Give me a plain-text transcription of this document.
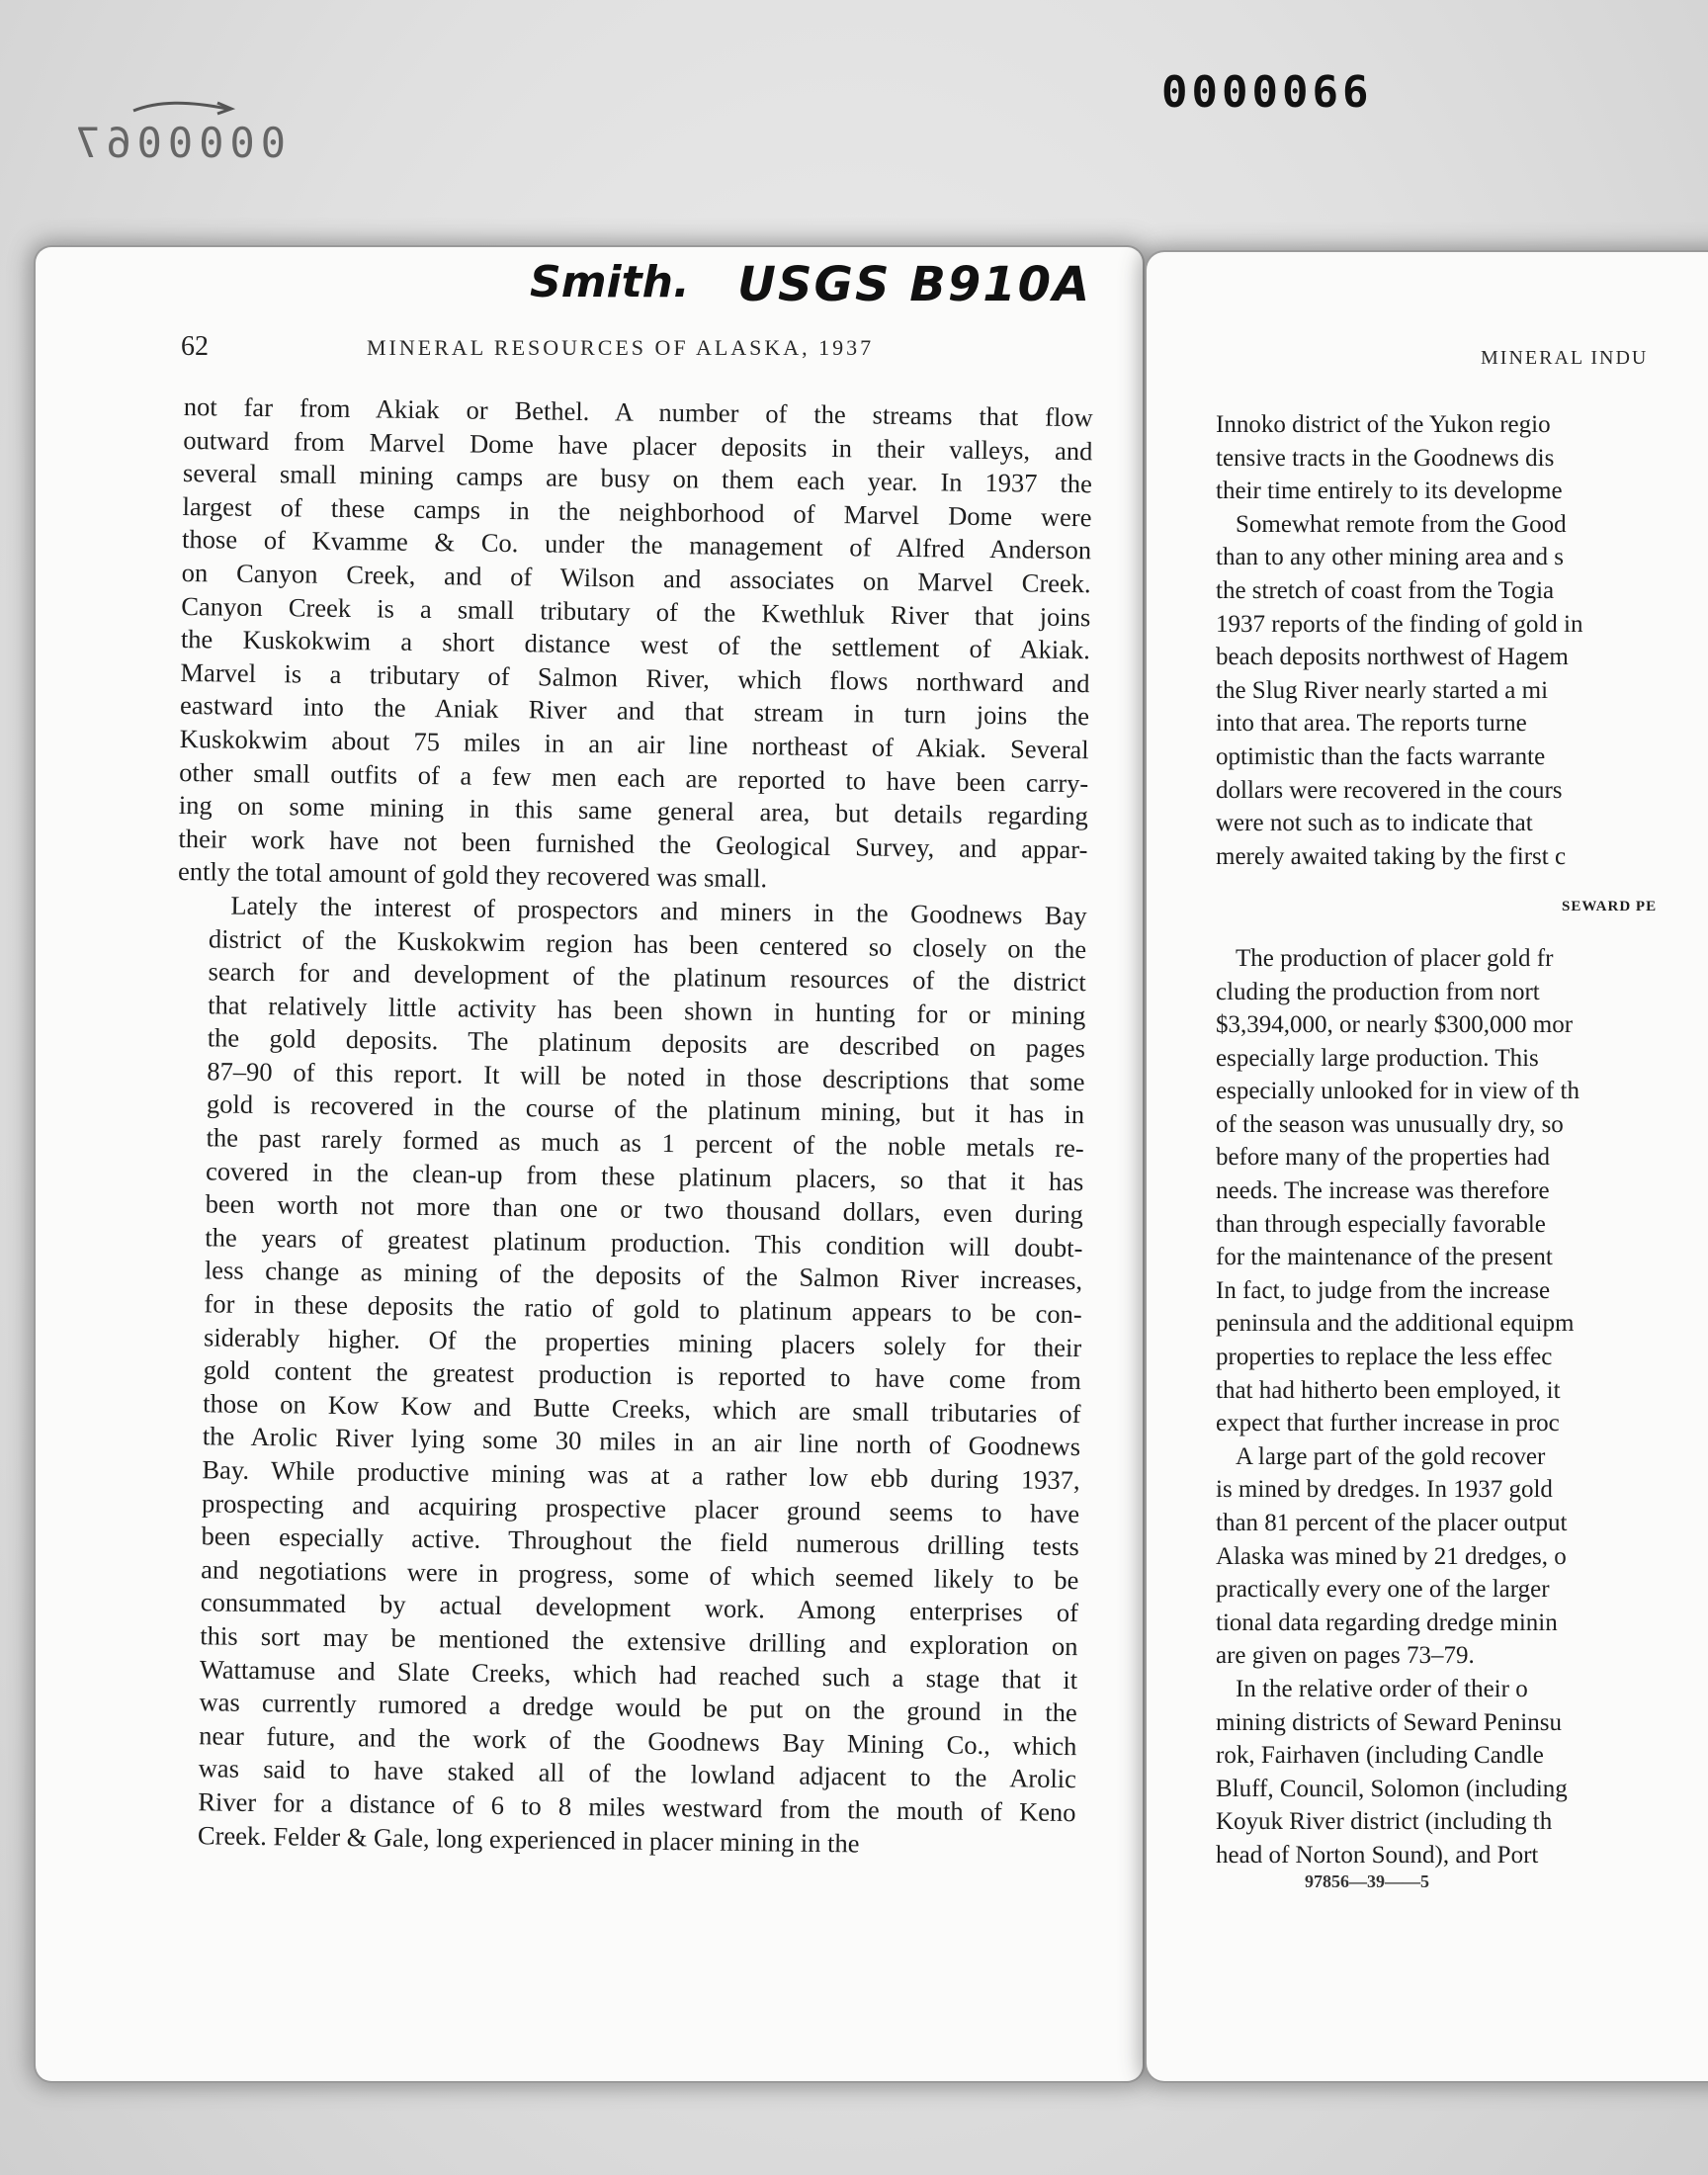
0000066
0000067
Smith. USGS B910A
62	MINERAL RESOURCES OF ALASKA, 1937

not far from Akiak or Bethel. A number of the streams that flow
outward from Marvel Dome have placer deposits in their valleys, and
several small mining camps are busy on them each year. In 1937 the
largest of these camps in the neighborhood of Marvel Dome were
those of Kvamme & Co. under the management of Alfred Anderson
on Canyon Creek, and of Wilson and associates on Marvel Creek.
Canyon Creek is a small tributary of the Kwethluk River that joins
the Kuskokwim a short distance west of the settlement of Akiak.
Marvel is a tributary of Salmon River, which flows northward and
eastward into the Aniak River and that stream in turn joins the
Kuskokwim about 75 miles in an air line northeast of Akiak. Several
other small outfits of a few men each are reported to have been carry-
ing on some mining in this same general area, but details regarding
their work have not been furnished the Geological Survey, and appar-
ently the total amount of gold they recovered was small.

Lately the interest of prospectors and miners in the Goodnews Bay
district of the Kuskokwim region has been centered so closely on the
search for and development of the platinum resources of the district
that relatively little activity has been shown in hunting for or mining
the gold deposits. The platinum deposits are described on pages
87–90 of this report. It will be noted in those descriptions that some
gold is recovered in the course of the platinum mining, but it has in
the past rarely formed as much as 1 percent of the noble metals re-
covered in the clean-up from these platinum placers, so that it has
been worth not more than one or two thousand dollars, even during
the years of greatest platinum production. This condition will doubt-
less change as mining of the deposits of the Salmon River increases,
for in these deposits the ratio of gold to platinum appears to be con-
siderably higher. Of the properties mining placers solely for their
gold content the greatest production is reported to have come from
those on Kow Kow and Butte Creeks, which are small tributaries of
the Arolic River lying some 30 miles in an air line north of Goodnews
Bay. While productive mining was at a rather low ebb during 1937,
prospecting and acquiring prospective placer ground seems to have
been especially active. Throughout the field numerous drilling tests
and negotiations were in progress, some of which seemed likely to be
consummated by actual development work. Among enterprises of
this sort may be mentioned the extensive drilling and exploration on
Wattamuse and Slate Creeks, which had reached such a stage that it
was currently rumored a dredge would be put on the ground in the
near future, and the work of the Goodnews Bay Mining Co., which
was said to have staked all of the lowland adjacent to the Arolic
River for a distance of 6 to 8 miles westward from the mouth of Keno
Creek. Felder & Gale, long experienced in placer mining in the

MINERAL INDU
Innoko district of the Yukon regio
tensive tracts in the Goodnews dis
their time entirely to its developme
Somewhat remote from the Good
than to any other mining area and s
the stretch of coast from the Togia
1937 reports of the finding of gold in
beach deposits northwest of Hagem
the Slug River nearly started a mi
into that area. The reports turne
optimistic than the facts warrante
dollars were recovered in the cours
were not such as to indicate that
merely awaited taking by the first c
SEWARD PE
The production of placer gold fr
cluding the production from nort
$3,394,000, or nearly $300,000 mor
especially large production. This
especially unlooked for in view of th
of the season was unusually dry, so
before many of the properties had
needs. The increase was therefore
than through especially favorable
for the maintenance of the present
In fact, to judge from the increase
peninsula and the additional equipm
properties to replace the less effec
that had hitherto been employed, it
expect that further increase in proc
A large part of the gold recover
is mined by dredges. In 1937 gold
than 81 percent of the placer output
Alaska was mined by 21 dredges, o
practically every one of the larger
tional data regarding dredge minin
are given on pages 73–79.
In the relative order of their o
mining districts of Seward Peninsu
rok, Fairhaven (including Candle
Bluff, Council, Solomon (including
Koyuk River district (including th
head of Norton Sound), and Port
97856—39——5
